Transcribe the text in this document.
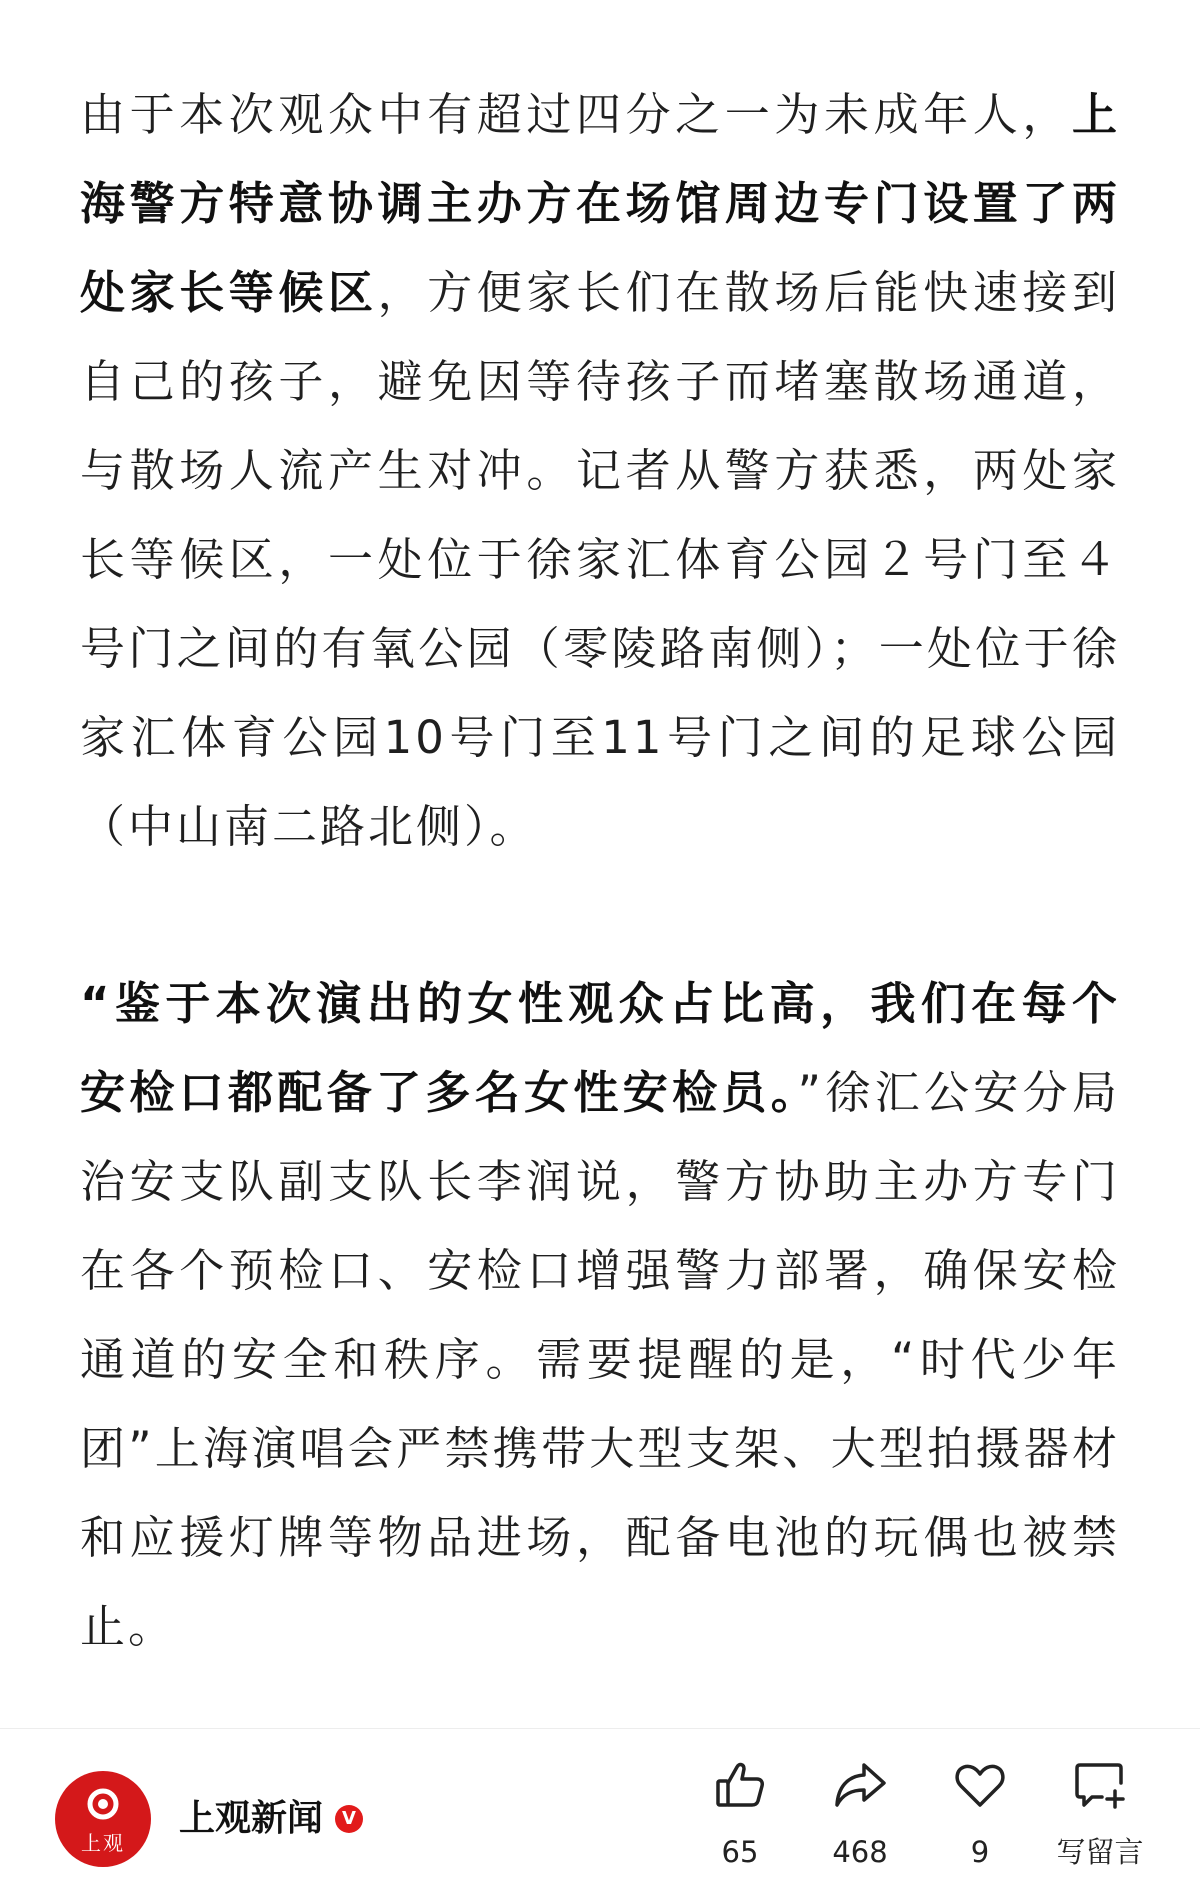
由于本次观众中有超过四分之一为未成年人，上海警方特意协调主办方在场馆周边专门设置了两处家长等候区，方便家长们在散场后能快速接到自己的孩子，避免因等待孩子而堵塞散场通道，与散场人流产生对冲。记者从警方获悉，两处家长等候区，一处位于徐家汇体育公园２号门至４号门之间的有氧公园（零陵路南侧）；一处位于徐家汇体育公园10号门至11号门之间的足球公园（中山南二路北侧）。

“鉴于本次演出的女性观众占比高，我们在每个安检口都配备了多名女性安检员。”徐汇公安分局治安支队副支队长李润说，警方协助主办方专门在各个预检口、安检口增强警力部署，确保安检通道的安全和秩序。需要提醒的是，“时代少年团”上海演唱会严禁携带大型支架、大型拍摄器材和应援灯牌等物品进场，配备电池的玩偶也被禁止。

上观
上观新闻	V
65	468	9	写留言
